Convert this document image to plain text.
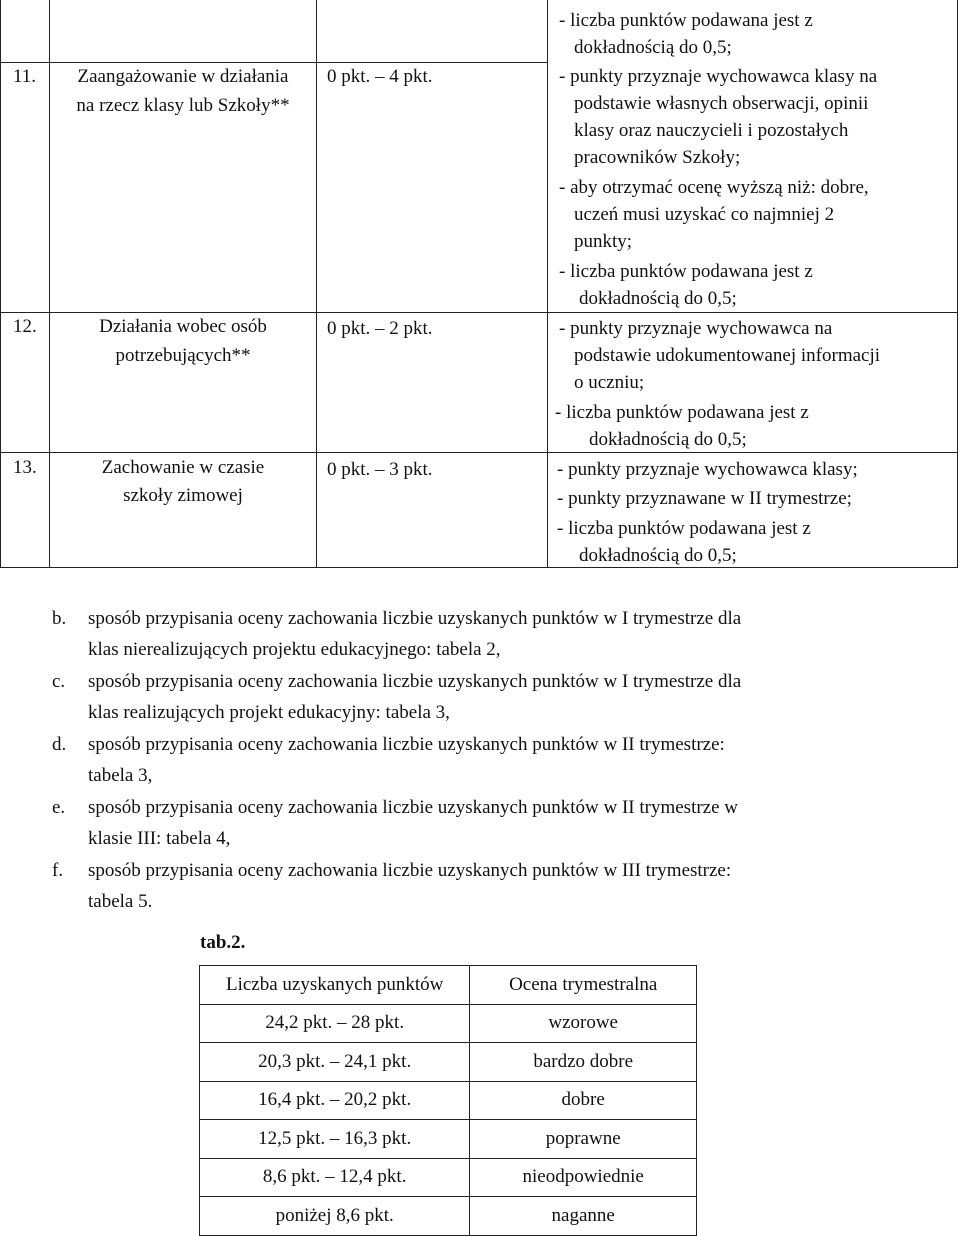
- liczba punktów podawana jest z
dokładnością do 0,5;
11.	Zaangażowanie w działania
na rzecz klasy lub Szkoły**
0 pkt. – 4 pkt.	- punkty przyznaje wychowawca klasy na
podstawie własnych obserwacji, opinii
klasy oraz nauczycieli i pozostałych
pracowników Szkoły;
- aby otrzymać ocenę wyższą niż: dobre,
uczeń musi uzyskać co najmniej 2
punkty;
- liczba punktów podawana jest z
dokładnością do 0,5;
12.	Działania wobec osób
potrzebujących**
0 pkt. – 2 pkt.	- punkty przyznaje wychowawca na
podstawie udokumentowanej informacji
o uczniu;
- liczba punktów podawana jest z
dokładnością do 0,5;
13.	Zachowanie w czasie
szkoły zimowej
0 pkt. – 3 pkt.	- punkty przyznaje wychowawca klasy;
- punkty przyznawane w II trymestrze;
- liczba punktów podawana jest z
dokładnością do 0,5;
b. sposób przypisania oceny zachowania liczbie uzyskanych punktów w I trymestrze dla
klas nierealizujących projektu edukacyjnego: tabela 2,
c. sposób przypisania oceny zachowania liczbie uzyskanych punktów w I trymestrze dla
klas realizujących projekt edukacyjny: tabela 3,
d. sposób przypisania oceny zachowania liczbie uzyskanych punktów w II trymestrze:
tabela 3,
e. sposób przypisania oceny zachowania liczbie uzyskanych punktów w II trymestrze w
klasie III: tabela 4,
f. sposób przypisania oceny zachowania liczbie uzyskanych punktów w III trymestrze:
tabela 5.
tab.2.
Liczba uzyskanych punktów	Ocena trymestralna
24,2 pkt. – 28 pkt.	wzorowe
20,3 pkt. – 24,1 pkt.	bardzo dobre
16,4 pkt. – 20,2 pkt.	dobre
12,5 pkt. – 16,3 pkt.	poprawne
8,6 pkt. – 12,4 pkt.	nieodpowiednie
poniżej 8,6 pkt.	naganne
